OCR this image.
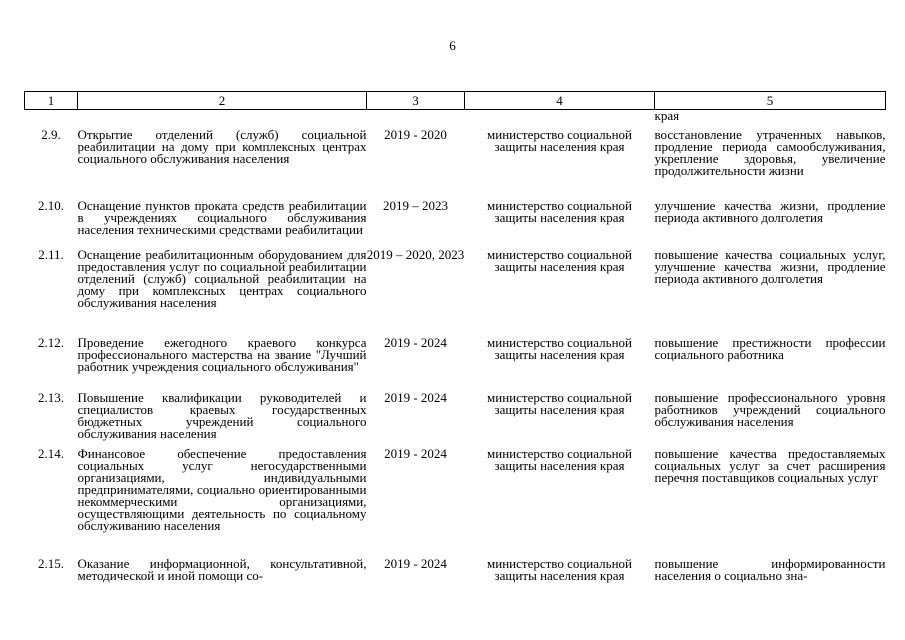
6
1	2	3	4	5
				края
2.9.	Открытие отделений (служб) социальной реабилитации на дому при комплексных центрах социального обслуживания населения	2019 - 2020	министерство социальной защиты населения края	восстановление утраченных навыков, продление периода самообслуживания, укрепление здоровья, увеличение продолжительности жизни
2.10.	Оснащение пунктов проката средств реабилитации в учреждениях социального обслуживания населения техническими средствами реабилитации	2019 – 2023	министерство социальной защиты населения края	улучшение качества жизни, продление периода активного долголетия
2.11.	Оснащение реабилитационным оборудованием для предоставления услуг по социальной реабилитации отделений (служб) социальной реабилитации на дому при комплексных центрах социального обслуживания населения	2019 – 2020, 2023	министерство социальной защиты населения края	повышение качества социальных услуг, улучшение качества жизни, продление периода активного долголетия
2.12.	Проведение ежегодного краевого конкурса профессионального мастерства на звание "Лучший работник учреждения социального обслуживания"	2019 - 2024	министерство социальной защиты населения края	повышение престижности профессии социального работника
2.13.	Повышение квалификации руководителей и специалистов краевых государственных бюджетных учреждений социального обслуживания населения	2019 - 2024	министерство социальной защиты населения края	повышение профессионального уровня работников учреждений социального обслуживания населения
2.14.	Финансовое обеспечение предоставления социальных услуг негосударственными организациями, индивидуальными предпринимателями, социально ориентированными некоммерческими организациями, осуществляющими деятельность по социальному обслуживанию населения	2019 - 2024	министерство социальной защиты населения края	повышение качества предоставляемых социальных услуг за счет расширения перечня поставщиков социальных услуг
2.15.	Оказание информационной, консультативной, методической и иной помощи со-	2019 - 2024	министерство социальной защиты населения края	повышение информированности населения о социально зна-
